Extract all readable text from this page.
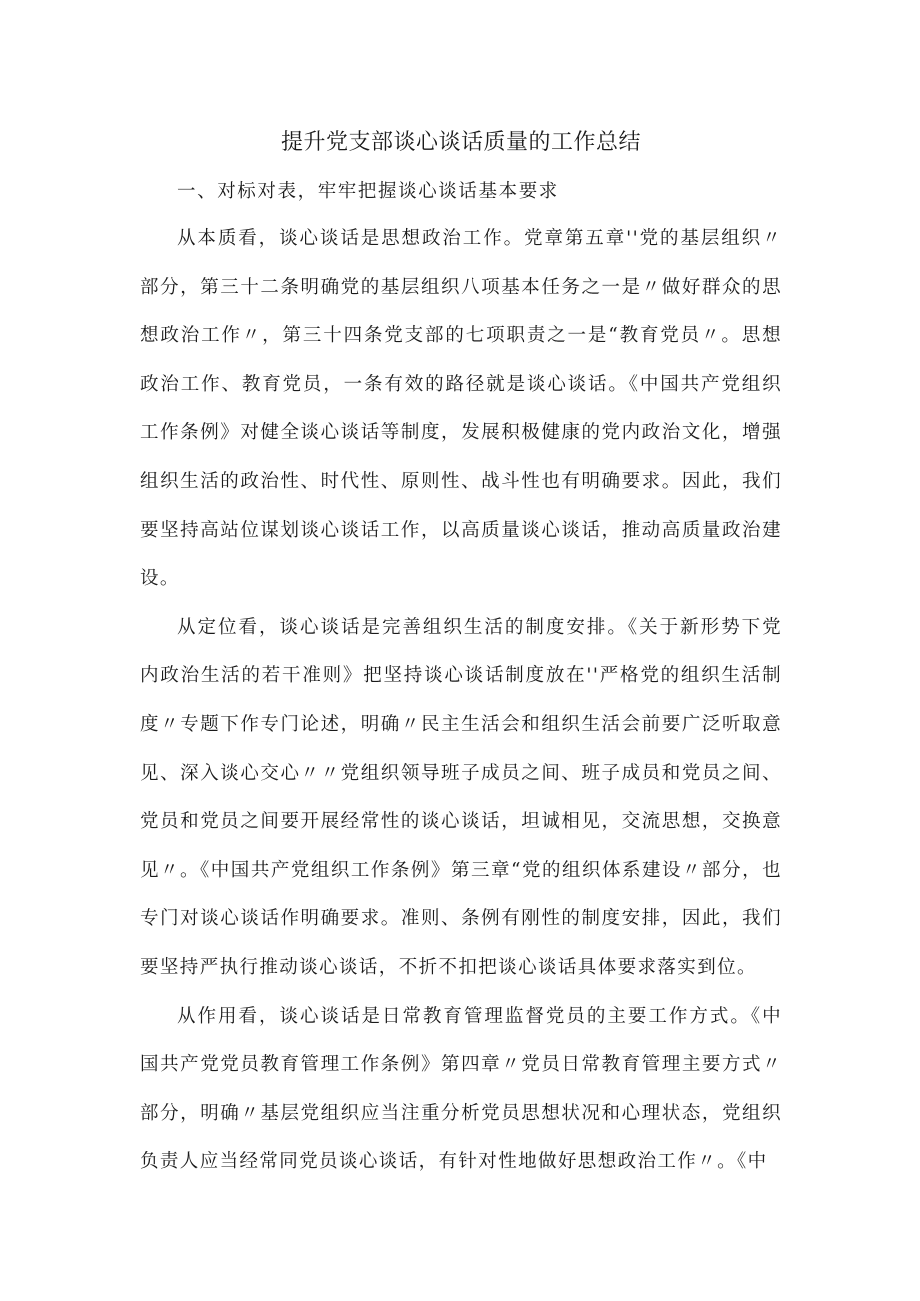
提升党支部谈心谈话质量的工作总结

一、对标对表，牢牢把握谈心谈话基本要求

从本质看，谈心谈话是思想政治工作。党章第五章''党的基层组织〃部分，第三十二条明确党的基层组织八项基本任务之一是〃做好群众的思想政治工作〃，第三十四条党支部的七项职责之一是“教育党员〃。思想政治工作、教育党员，一条有效的路径就是谈心谈话。《中国共产党组织工作条例》对健全谈心谈话等制度，发展积极健康的党内政治文化，增强组织生活的政治性、时代性、原则性、战斗性也有明确要求。因此，我们要坚持高站位谋划谈心谈话工作，以高质量谈心谈话，推动高质量政治建设。

从定位看，谈心谈话是完善组织生活的制度安排。《关于新形势下党内政治生活的若干准则》把坚持谈心谈话制度放在''严格党的组织生活制度〃专题下作专门论述，明确〃民主生活会和组织生活会前要广泛听取意见、深入谈心交心〃〃党组织领导班子成员之间、班子成员和党员之间、党员和党员之间要开展经常性的谈心谈话，坦诚相见，交流思想，交换意见〃。《中国共产党组织工作条例》第三章“党的组织体系建设〃部分，也专门对谈心谈话作明确要求。准则、条例有刚性的制度安排，因此，我们要坚持严执行推动谈心谈话，不折不扣把谈心谈话具体要求落实到位。

从作用看，谈心谈话是日常教育管理监督党员的主要工作方式。《中国共产党党员教育管理工作条例》第四章〃党员日常教育管理主要方式〃部分，明确〃基层党组织应当注重分析党员思想状况和心理状态，党组织负责人应当经常同党员谈心谈话，有针对性地做好思想政治工作〃。《中
